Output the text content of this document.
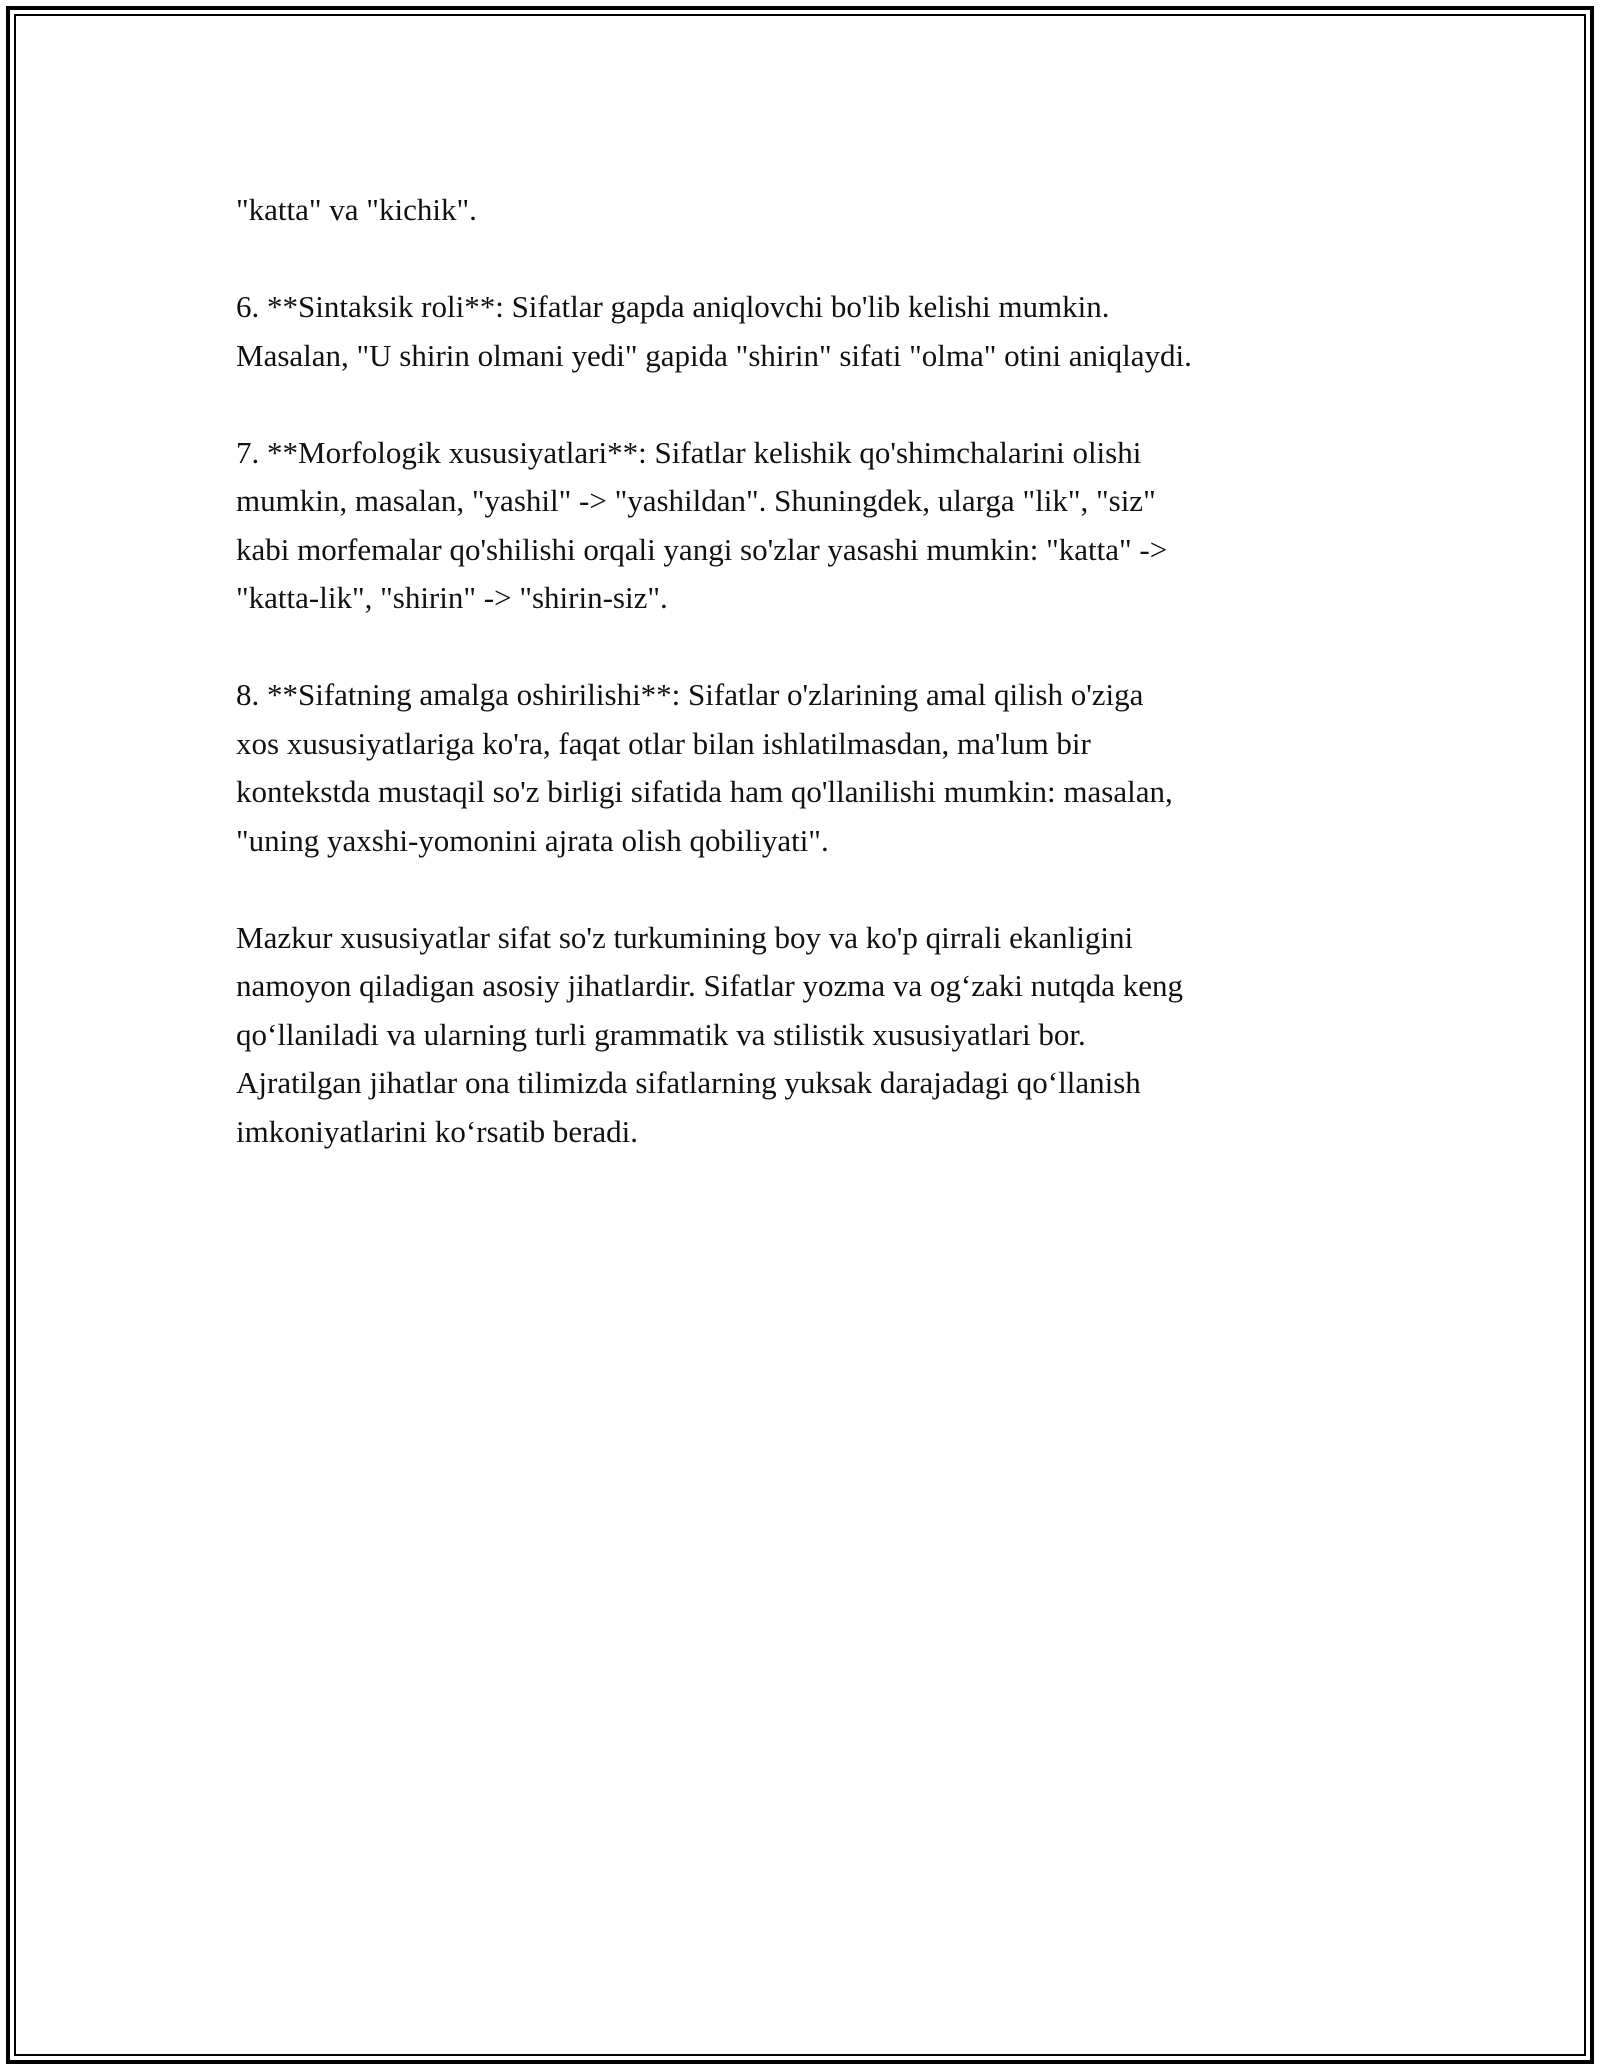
"katta" va "kichik".

6. **Sintaksik roli**: Sifatlar gapda aniqlovchi bo'lib kelishi mumkin.
Masalan, "U shirin olmani yedi" gapida "shirin" sifati "olma" otini aniqlaydi.

7. **Morfologik xususiyatlari**: Sifatlar kelishik qo'shimchalarini olishi
mumkin, masalan, "yashil" -> "yashildan". Shuningdek, ularga "lik", "siz"
kabi morfemalar qo'shilishi orqali yangi so'zlar yasashi mumkin: "katta" ->
"katta-lik", "shirin" -> "shirin-siz".

8. **Sifatning amalga oshirilishi**: Sifatlar o'zlarining amal qilish o'ziga
xos xususiyatlariga ko'ra, faqat otlar bilan ishlatilmasdan, ma'lum bir
kontekstda mustaqil so'z birligi sifatida ham qo'llanilishi mumkin: masalan,
"uning yaxshi-yomonini ajrata olish qobiliyati".

Mazkur xususiyatlar sifat so'z turkumining boy va ko'p qirrali ekanligini
namoyon qiladigan asosiy jihatlardir. Sifatlar yozma va og‘zaki nutqda keng
qo‘llaniladi va ularning turli grammatik va stilistik xususiyatlari bor.
Ajratilgan jihatlar ona tilimizda sifatlarning yuksak darajadagi qo‘llanish
imkoniyatlarini ko‘rsatib beradi.
